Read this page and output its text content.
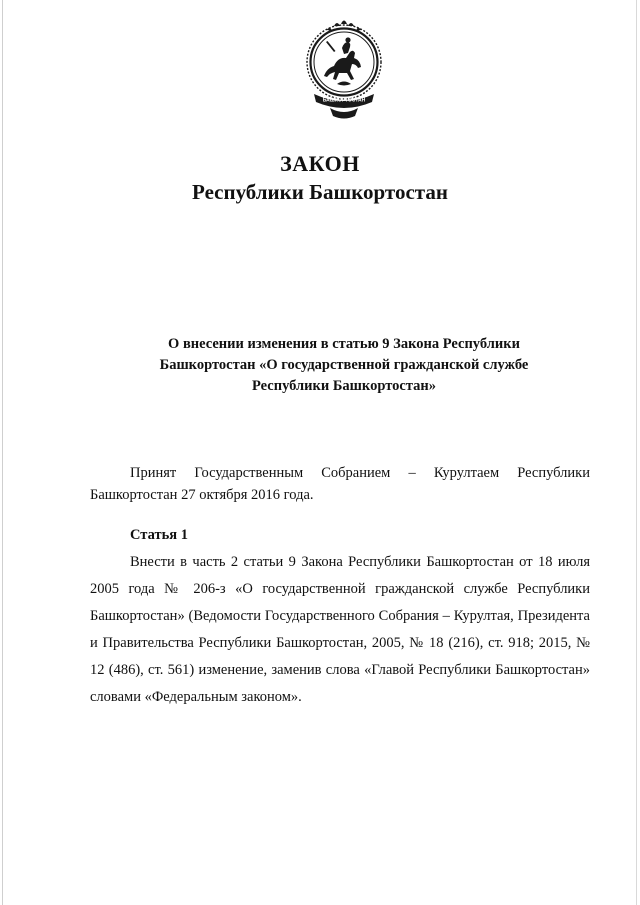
БАШКОРТОСТАН
ЗАКОН
Республики Башкортостан
О внесении изменения в статью 9 Закона Республики Башкортостан «О государственной гражданской службе Республики Башкортостан»
Принят Государственным Собранием – Курултаем Республики Башкортостан 27 октября 2016 года.
Статья 1
Внести в часть 2 статьи 9 Закона Республики Башкортостан от 18 июля 2005 года № 206-з «О государственной гражданской службе Республики Башкортостан» (Ведомости Государственного Собрания – Курултая, Президента и Правительства Республики Башкортостан, 2005, № 18 (216), ст. 918; 2015, № 12 (486), ст. 561) изменение, заменив слова «Главой Республики Башкортостан» словами «Федеральным законом».
